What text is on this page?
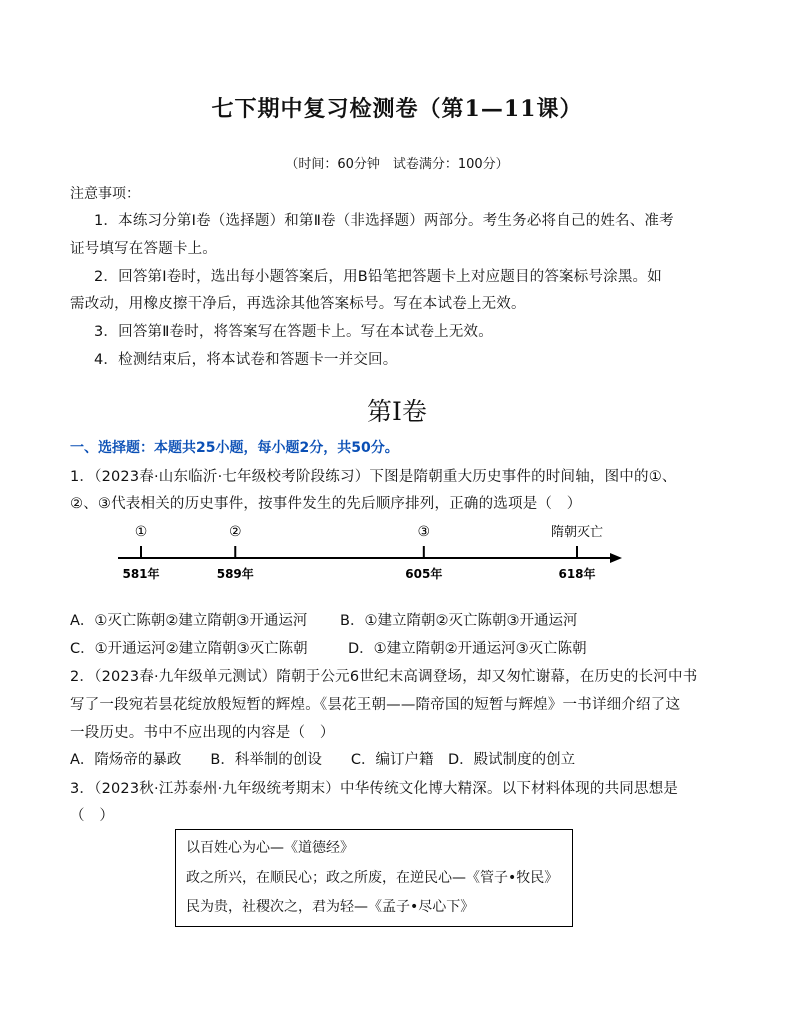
七下期中复习检测卷（第1—11课）
（时间：60分钟　试卷满分：100分）
注意事项：
1．本练习分第Ⅰ卷（选择题）和第Ⅱ卷（非选择题）两部分。考生务必将自己的姓名、准考
证号填写在答题卡上。
2．回答第Ⅰ卷时，选出每小题答案后，用B铅笔把答题卡上对应题目的答案标号涂黑。如
需改动，用橡皮擦干净后，再选涂其他答案标号。写在本试卷上无效。
3．回答第Ⅱ卷时，将答案写在答题卡上。写在本试卷上无效。
4．检测结束后，将本试卷和答题卡一并交回。
第Ⅰ卷
一、选择题：本题共25小题，每小题2分，共50分。
1．（2023春·山东临沂·七年级校考阶段练习）下图是隋朝重大历史事件的时间轴，图中的①、
②、③代表相关的历史事件，按事件发生的先后顺序排列，正确的选项是（　）
①
581年
②
589年
③
605年
隋朝灭亡
618年
A．①灭亡陈朝②建立隋朝③开通运河 B．①建立隋朝②灭亡陈朝③开通运河
C．①开通运河②建立隋朝③灭亡陈朝	D．①建立隋朝②开通运河③灭亡陈朝
2．（2023春·九年级单元测试）隋朝于公元6世纪末高调登场，却又匆忙谢幕，在历史的长河中书
写了一段宛若昙花绽放般短暂的辉煌。《昙花王朝——隋帝国的短暂与辉煌》一书详细介绍了这
一段历史。书中不应出现的内容是（　）
A．隋炀帝的暴政　　B．科举制的创设　　C．编订户籍　D．殿试制度的创立
3．（2023秋·江苏泰州·九年级统考期末）中华传统文化博大精深。以下材料体现的共同思想是
（　）
以百姓心为心—《道德经》
政之所兴，在顺民心；政之所废，在逆民心—《管子•牧民》
民为贵，社稷次之，君为轻—《孟子•尽心下》
